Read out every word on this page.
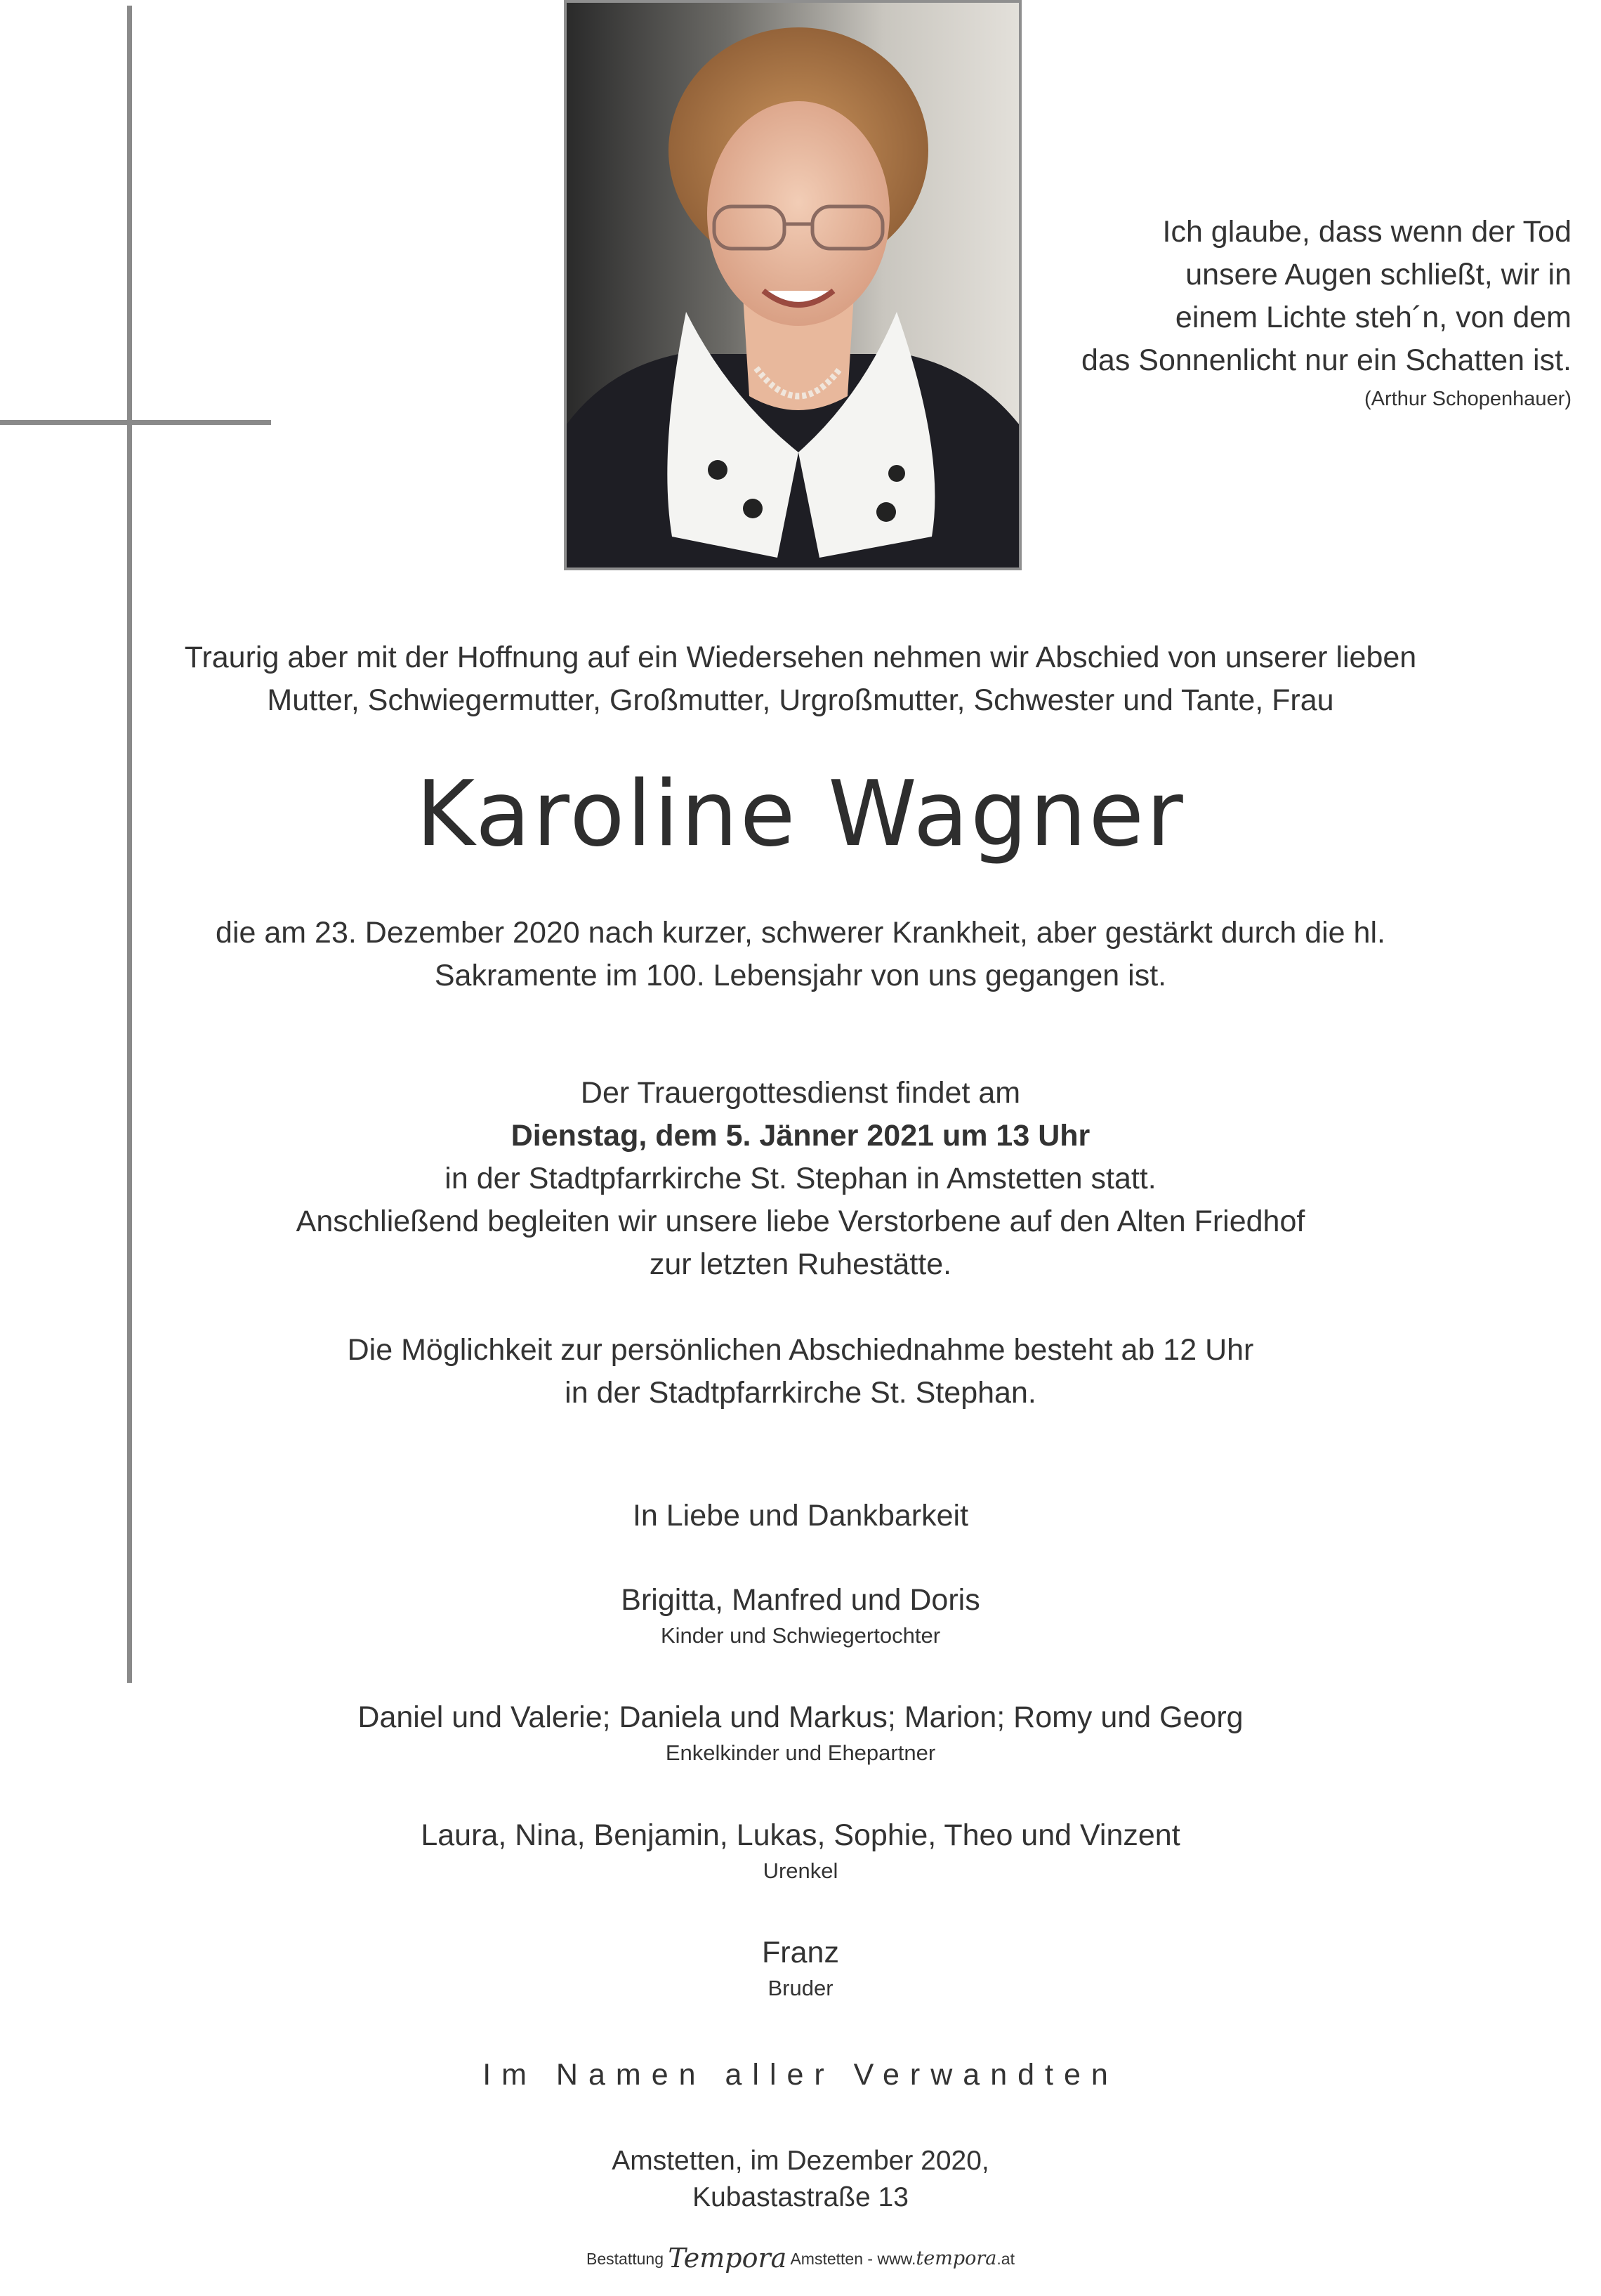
Ich glaube, dass wenn der Tod
unsere Augen schließt, wir in
einem Lichte steh´n, von dem
das Sonnenlicht nur ein Schatten ist.
(Arthur Schopenhauer)
Traurig aber mit der Hoffnung auf ein Wiedersehen nehmen wir Abschied von unserer lieben
Mutter, Schwiegermutter, Großmutter, Urgroßmutter, Schwester und Tante, Frau
Karoline Wagner
die am 23. Dezember 2020 nach kurzer, schwerer Krankheit, aber gestärkt durch die hl.
Sakramente im 100. Lebensjahr von uns gegangen ist.
Der Trauergottesdienst findet am
Dienstag, dem 5. Jänner 2021 um 13 Uhr
in der Stadtpfarrkirche St. Stephan in Amstetten statt.
Anschließend begleiten wir unsere liebe Verstorbene auf den Alten Friedhof
zur letzten Ruhestätte.
Die Möglichkeit zur persönlichen Abschiednahme besteht ab 12 Uhr
in der Stadtpfarrkirche St. Stephan.
In Liebe und Dankbarkeit
Brigitta, Manfred und Doris
Kinder und Schwiegertochter
Daniel und Valerie; Daniela und Markus; Marion; Romy und Georg
Enkelkinder und Ehepartner
Laura, Nina, Benjamin, Lukas, Sophie, Theo und Vinzent
Urenkel
Franz
Bruder
Im Namen aller Verwandten
Amstetten, im Dezember 2020,
Kubastastraße 13
Bestattung Tempora Amstetten - www.tempora.at
